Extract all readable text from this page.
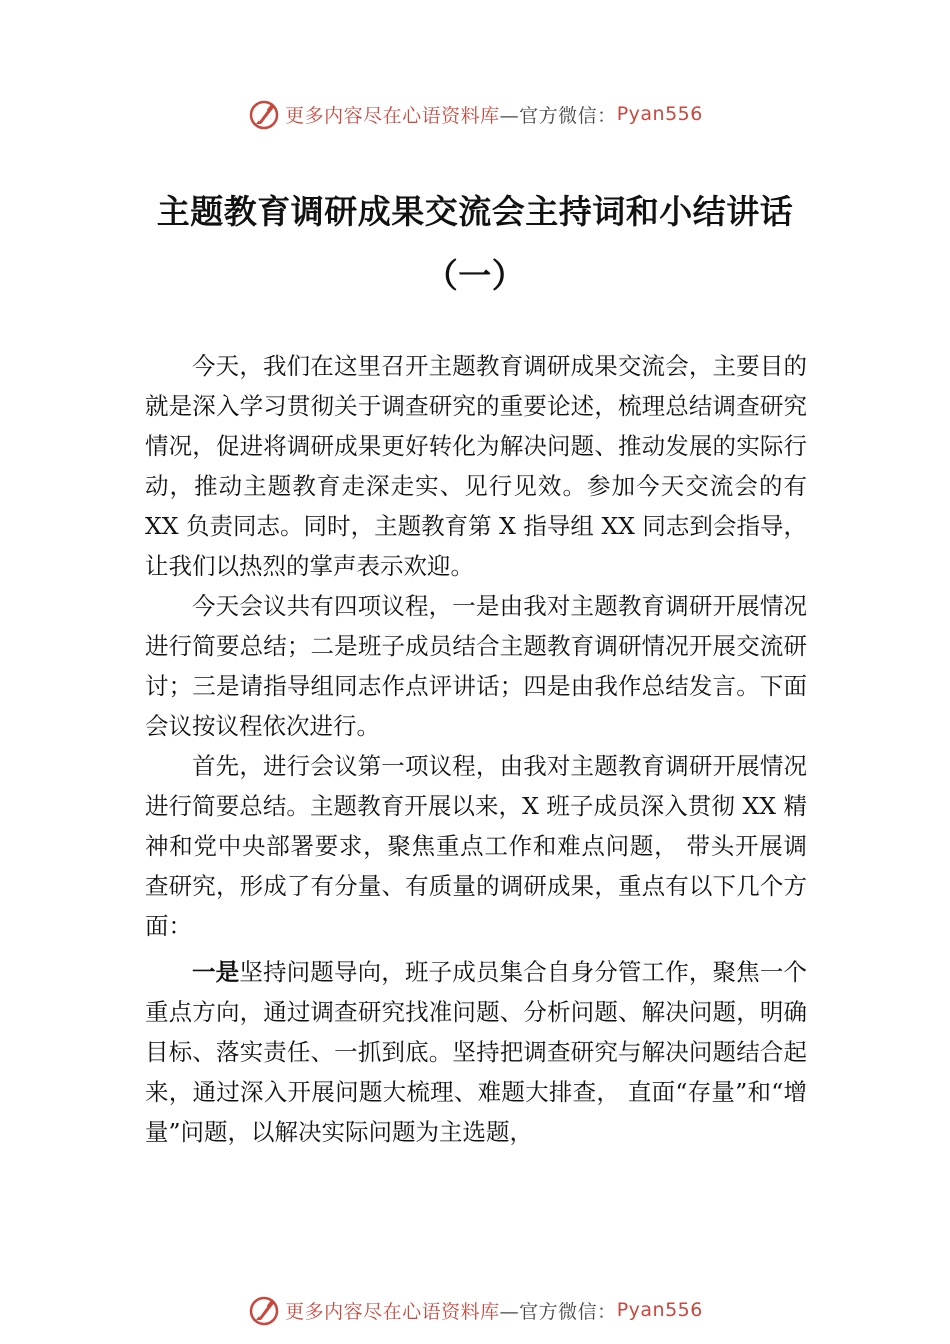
更多内容尽在心语资料库 —官方微信： Pyan556
主题教育调研成果交流会主持词和小结讲话（一）

今天，我们在这里召开主题教育调研成果交流会，主要目的就是深入学习贯彻关于调查研究的重要论述，梳理总结调查研究情况，促进将调研成果更好转化为解决问题、推动发展的实际行动，推动主题教育走深走实、见行见效。参加今天交流会的有 XX 负责同志。同时，主题教育第 X 指导组 XX 同志到会指导，让我们以热烈的掌声表示欢迎。

今天会议共有四项议程，一是由我对主题教育调研开展情况进行简要总结；二是班子成员结合主题教育调研情况开展交流研讨；三是请指导组同志作点评讲话；四是由我作总结发言。下面会议按议程依次进行。

首先，进行会议第一项议程，由我对主题教育调研开展情况进行简要总结。主题教育开展以来，X 班子成员深入贯彻 XX 精神和党中央部署要求，聚焦重点工作和难点问题， 带头开展调查研究，形成了有分量、有质量的调研成果，重点有以下几个方面：

一是坚持问题导向，班子成员集合自身分管工作，聚焦一个重点方向，通过调查研究找准问题、分析问题、解决问题，明确目标、落实责任、一抓到底。坚持把调查研究与解决问题结合起来，通过深入开展问题大梳理、难题大排查， 直面“存量”和“增量”问题，以解决实际问题为主选题，

更多内容尽在心语资料库 —官方微信： Pyan556
